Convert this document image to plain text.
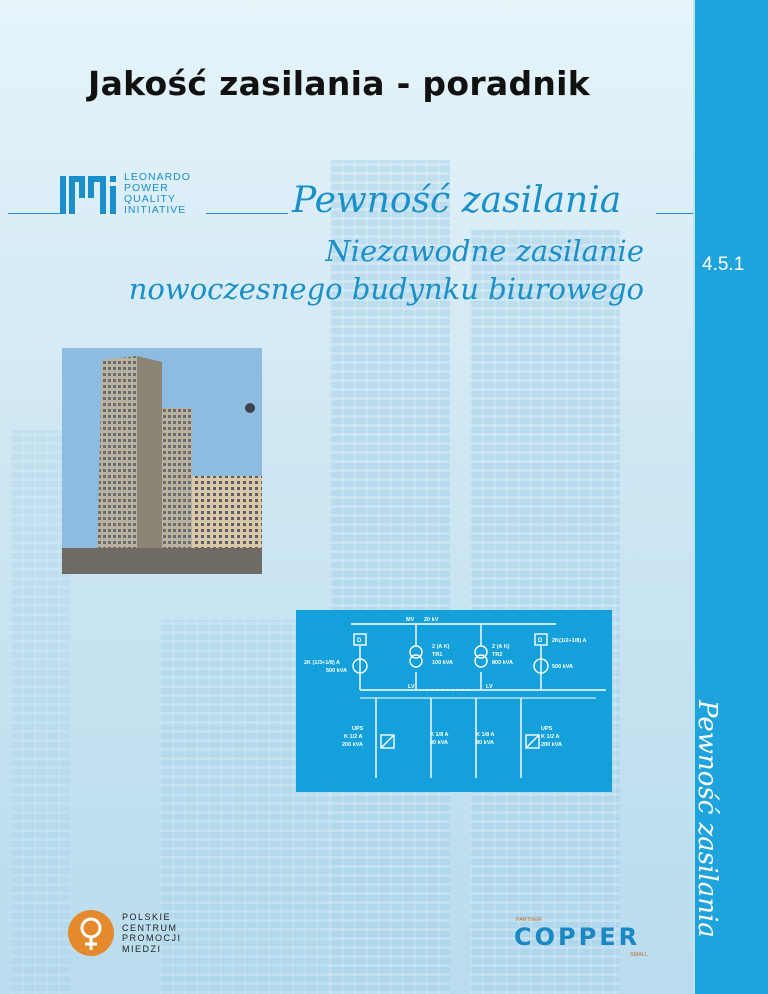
Jakość zasilania - poradnik
LEONARDO
POWER
QUALITY
INITIATIVE	Pewność zasilania
Niezawodne zasilanie
nowoczesnego budynku biurowego
MV 20 kV
D	D
2K (1/3+1/8) A
500 kVA
2 (A K)
TR1
100 kVA
2 (A K)
TR2
800 kVA
2K(1/2+1/8) A
500 kVA
LV	LV
UPS
K 1/2 A
200 kVA
K 1/8 A
80 kVA
K 1/8 A
80 kVA
UPS
K 1/2 A
200 kVA
POLSKIE
CENTRUM
PROMOCJI
MIEDZI
PARTNER
COPPER
SMALL
4.5.1
Pewność zasilania
